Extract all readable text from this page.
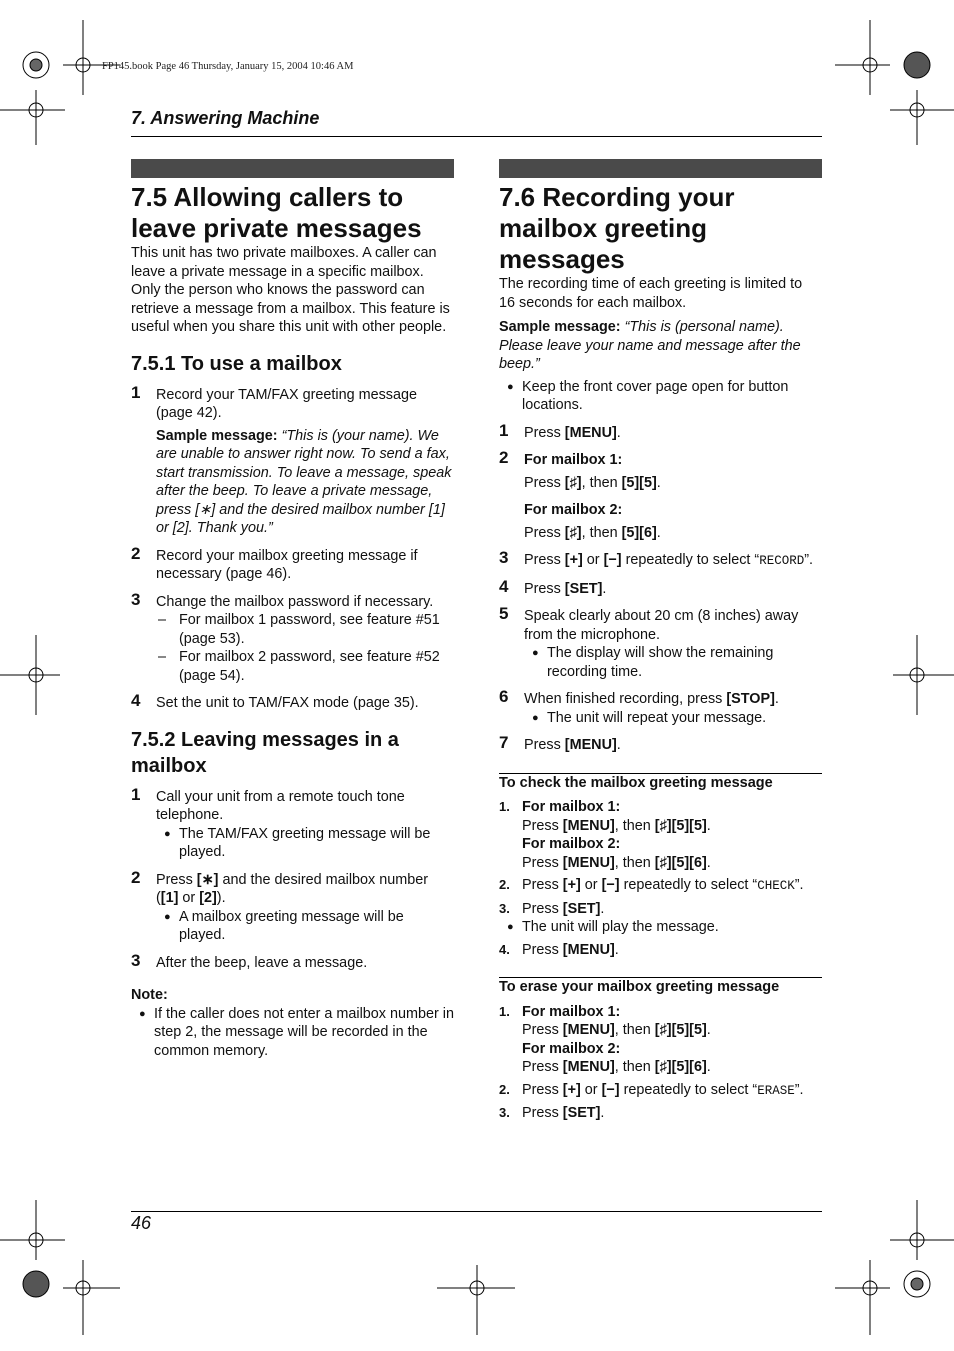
FP145.book Page 46 Thursday, January 15, 2004 10:46 AM
7. Answering Machine
7.5 Allowing callers to leave private messages

This unit has two private mailboxes. A caller can leave a private message in a specific mailbox. Only the person who knows the password can retrieve a message from a mailbox. This feature is useful when you share this unit with other people.

7.5.1 To use a mailbox
1 Record your TAM/FAX greeting message (page 42).
Sample message: “This is (your name). We are unable to answer right now. To send a fax, start transmission. To leave a message, speak after the beep. To leave a private message, press [∗] and the desired mailbox number [1] or [2]. Thank you.”
2 Record your mailbox greeting message if necessary (page 46).
3 Change the mailbox password if necessary.
– For mailbox 1 password, see feature #51 (page 53).
– For mailbox 2 password, see feature #52 (page 54).
4 Set the unit to TAM/FAX mode (page 35).
7.5.2 Leaving messages in a mailbox
1 Call your unit from a remote touch tone telephone.
● The TAM/FAX greeting message will be played.
2 Press [∗] and the desired mailbox number ([1] or [2]).
● A mailbox greeting message will be played.
3 After the beep, leave a message.
Note:
● If the caller does not enter a mailbox number in step 2, the message will be recorded in the common memory.
7.6 Recording your mailbox greeting messages

The recording time of each greeting is limited to 16 seconds for each mailbox.

Sample message: “This is (personal name). Please leave your name and message after the beep.”
● Keep the front cover page open for button locations.
1 Press [MENU].
2 For mailbox 1:
Press [♯], then [5][5].
For mailbox 2:
Press [♯], then [5][6].
3 Press [+] or [−] repeatedly to select “RECORD”.
4 Press [SET].
5 Speak clearly about 20 cm (8 inches) away from the microphone.
● The display will show the remaining recording time.
6 When finished recording, press [STOP].
● The unit will repeat your message.
7 Press [MENU].
To check the mailbox greeting message
1. For mailbox 1:
Press [MENU], then [♯][5][5].
For mailbox 2:
Press [MENU], then [♯][5][6].
2. Press [+] or [−] repeatedly to select “CHECK”.
3. Press [SET].
● The unit will play the message.
4. Press [MENU].
To erase your mailbox greeting message
1. For mailbox 1:
Press [MENU], then [♯][5][5].
For mailbox 2:
Press [MENU], then [♯][5][6].
2. Press [+] or [−] repeatedly to select “ERASE”.
3. Press [SET].
46
